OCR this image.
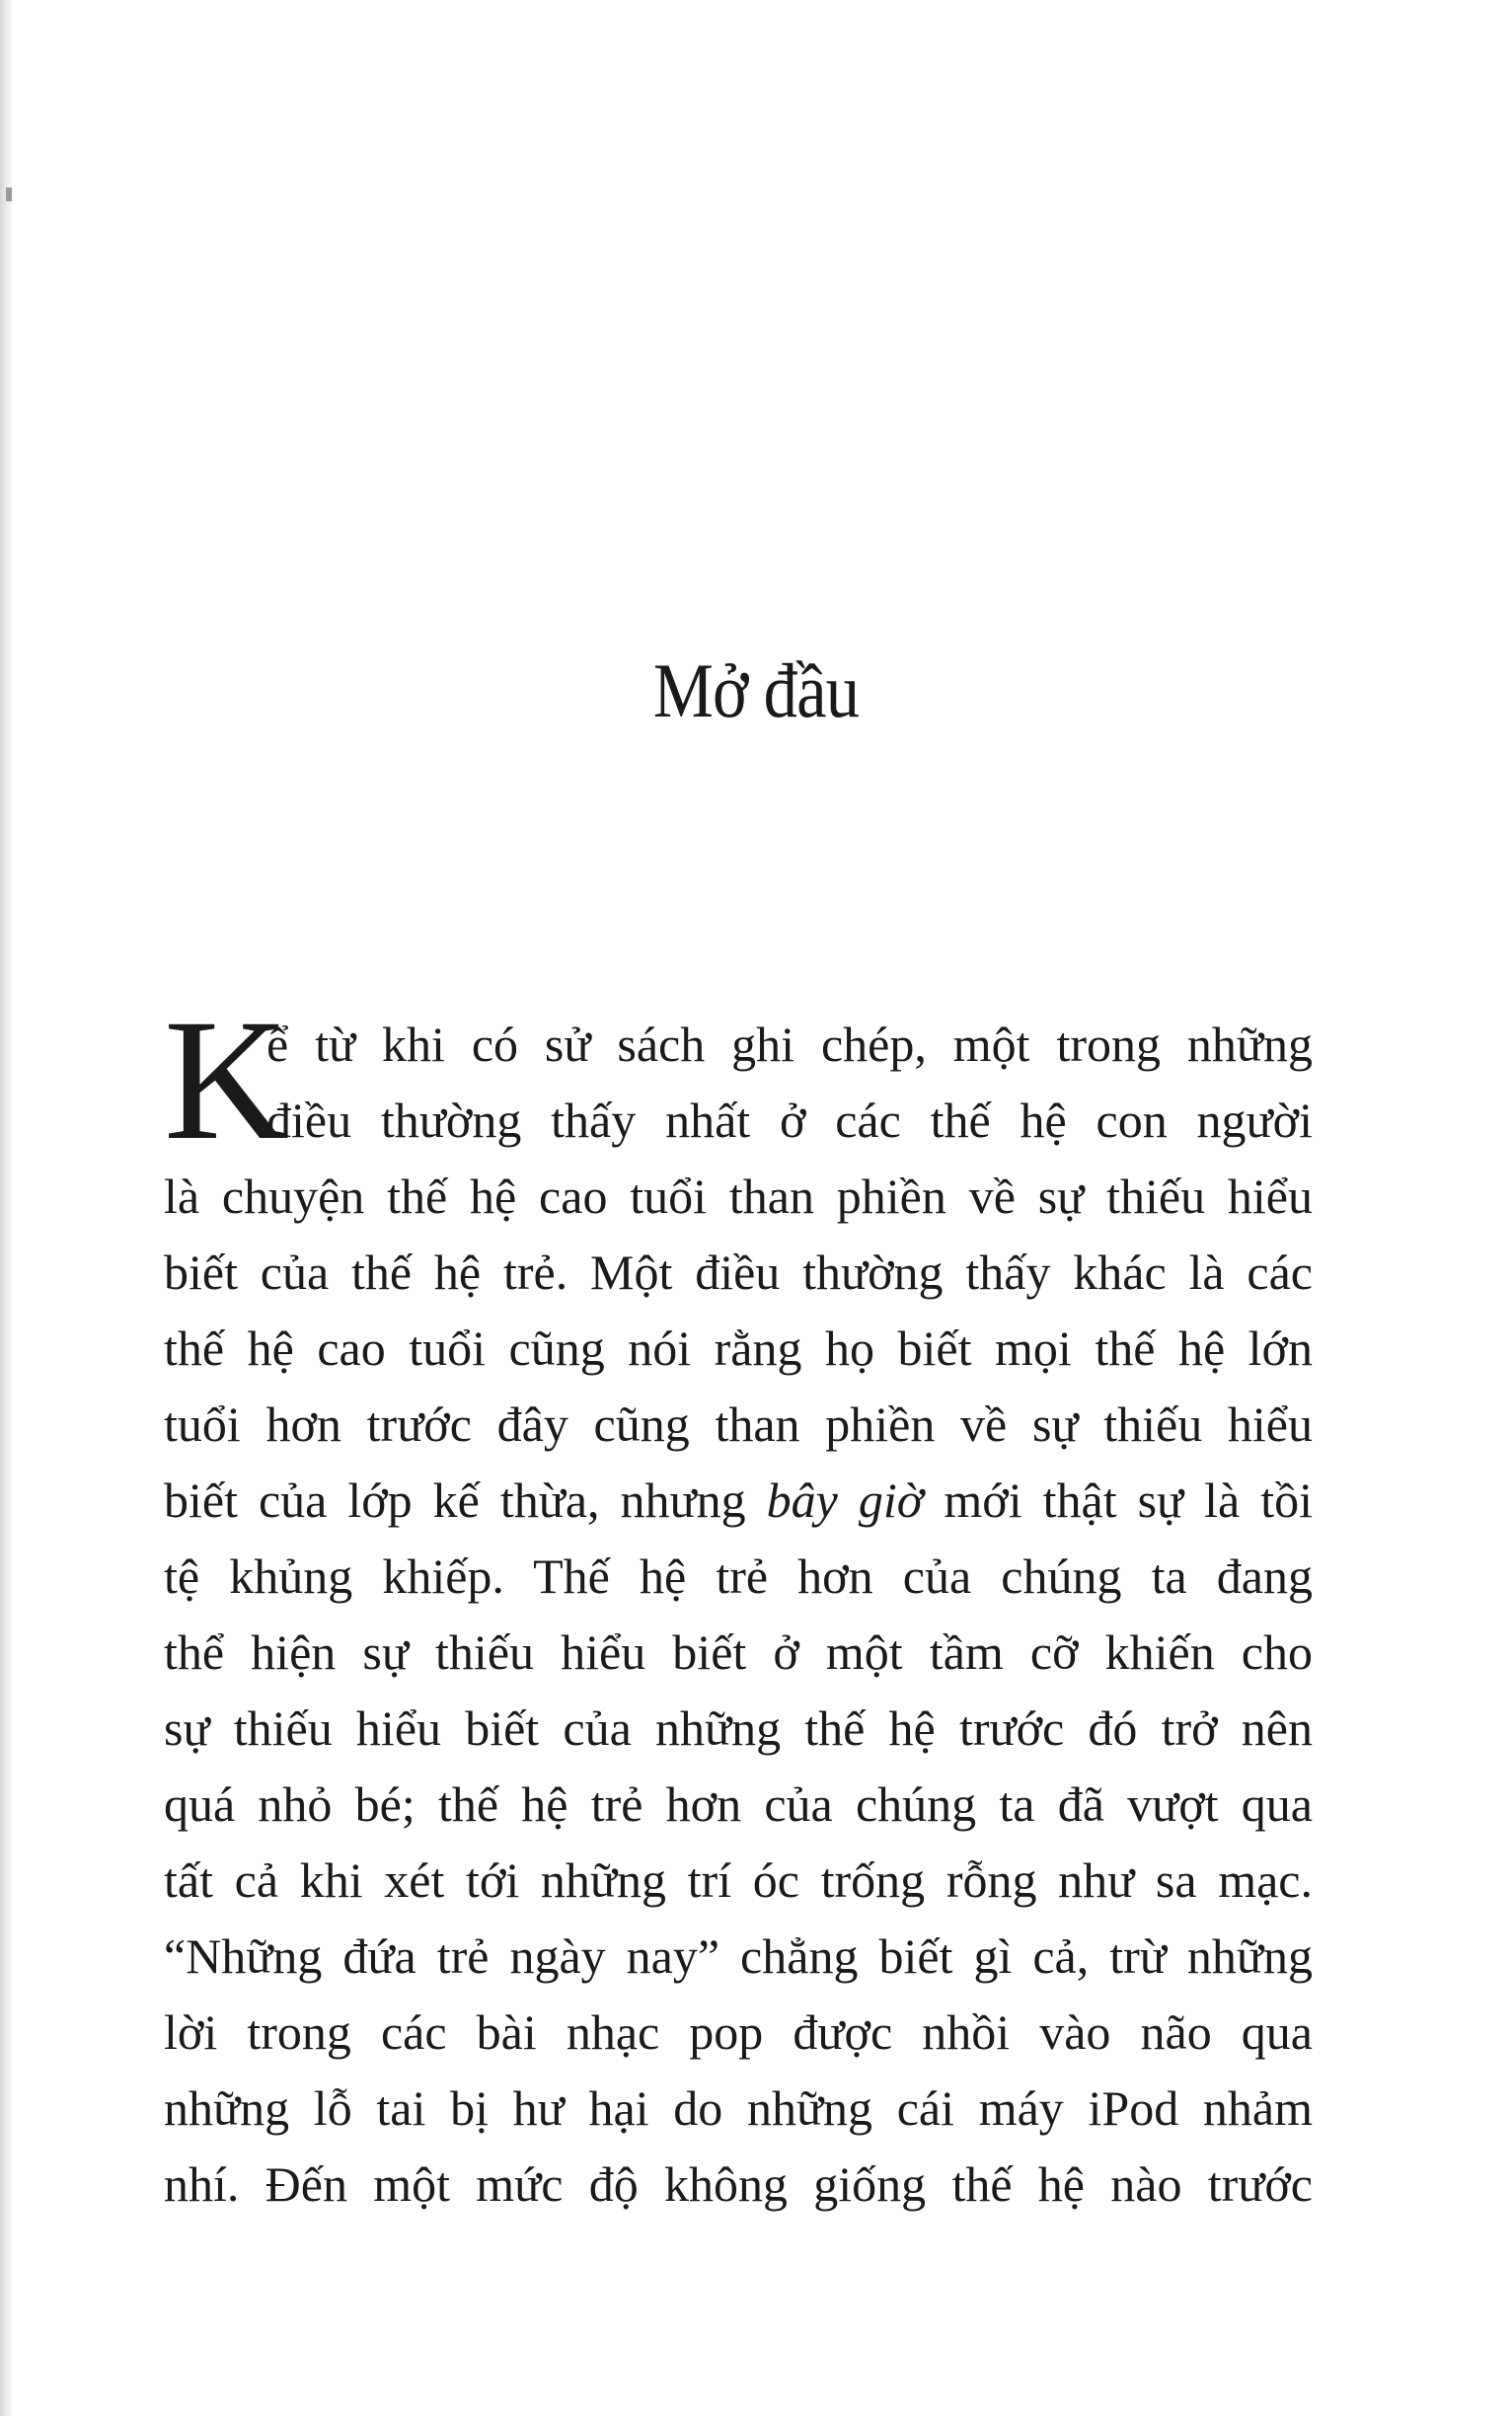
Mở đầu
K
ể từ khi có sử sách ghi chép, một trong những
điều thường thấy nhất ở các thế hệ con người
là chuyện thế hệ cao tuổi than phiền về sự thiếu hiểu
biết của thế hệ trẻ. Một điều thường thấy khác là các
thế hệ cao tuổi cũng nói rằng họ biết mọi thế hệ lớn
tuổi hơn trước đây cũng than phiền về sự thiếu hiểu
biết của lớp kế thừa, nhưng bây giờ mới thật sự là tồi
tệ khủng khiếp. Thế hệ trẻ hơn của chúng ta đang
thể hiện sự thiếu hiểu biết ở một tầm cỡ khiến cho
sự thiếu hiểu biết của những thế hệ trước đó trở nên
quá nhỏ bé; thế hệ trẻ hơn của chúng ta đã vượt qua
tất cả khi xét tới những trí óc trống rỗng như sa mạc.
“Những đứa trẻ ngày nay” chẳng biết gì cả, trừ những
lời trong các bài nhạc pop được nhồi vào não qua
những lỗ tai bị hư hại do những cái máy iPod nhảm
nhí. Đến một mức độ không giống thế hệ nào trước
